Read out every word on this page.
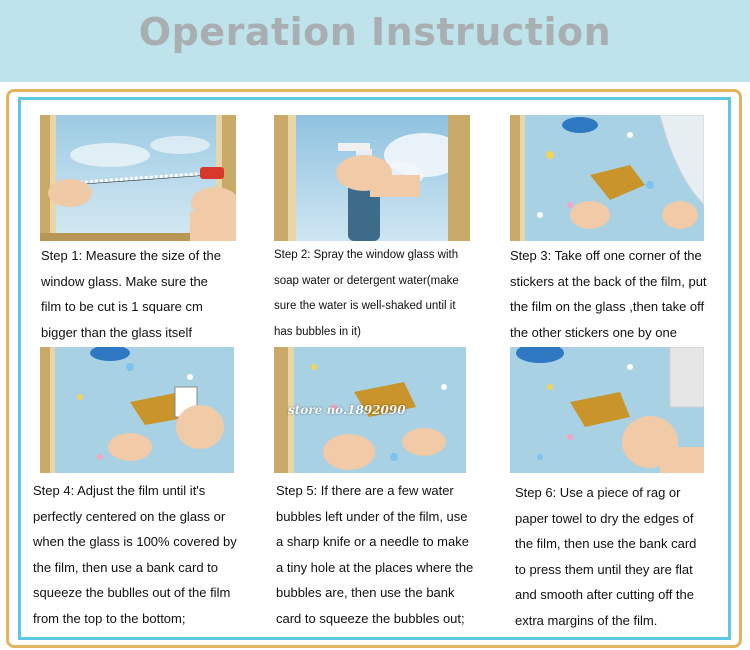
Operation Instruction
store no.1892090
Step 1: Measure the size of the
window glass. Make sure the
film to be cut is 1 square cm
bigger than the glass itself
Step 2: Spray the window glass with
soap water or detergent water(make
sure the water is well-shaked until it
has bubbles in it)
Step 3: Take off one corner of the
stickers at the back of the film, put
the film on the glass ,then take off
the other stickers one by one
Step 4: Adjust the film until it's
perfectly centered on the glass or
when the glass is 100% covered by
the film, then use a bank card to
squeeze the bublles out of the film
from the top to the bottom;
Step 5: If there are a few water
bubbles left under of the film, use
a sharp knife or a needle to make
a tiny hole at the places where the
bubbles are, then use the bank
card to squeeze the bubbles out;
Step 6: Use a piece of rag or
paper towel to dry the edges of
the film, then use the bank card
to press them until they are flat
and smooth after cutting off the
extra margins of the film.
